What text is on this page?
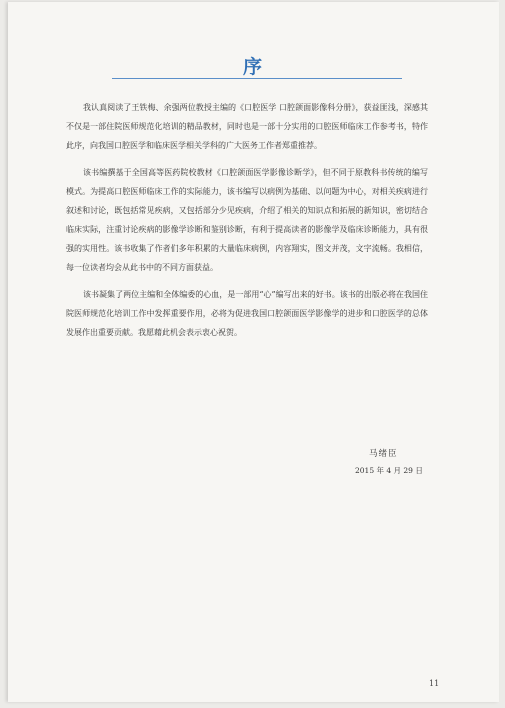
序

我认真阅读了王铁梅、余强两位教授主编的《口腔医学 口腔颌面影像科分册》，获益匪浅，深感其不仅是一部住院医师规范化培训的精品教材，同时也是一部十分实用的口腔医师临床工作参考书，特作此序，向我国口腔医学和临床医学相关学科的广大医务工作者郑重推荐。

该书编撰基于全国高等医药院校教材《口腔颌面医学影像诊断学》，但不同于原教科书传统的编写模式。为提高口腔医师临床工作的实际能力，该书编写以病例为基础、以问题为中心，对相关疾病进行叙述和讨论，既包括常见疾病，又包括部分少见疾病，介绍了相关的知识点和拓展的新知识，密切结合临床实际，注重讨论疾病的影像学诊断和鉴别诊断，有利于提高读者的影像学及临床诊断能力，具有很强的实用性。该书收集了作者们多年积累的大量临床病例，内容翔实，图文并茂，文字流畅。我相信，每一位读者均会从此书中的不同方面获益。

该书凝集了两位主编和全体编委的心血，是一部用“心”编写出来的好书。该书的出版必将在我国住院医师规范化培训工作中发挥重要作用，必将为促进我国口腔颌面医学影像学的进步和口腔医学的总体发展作出重要贡献。我愿藉此机会表示衷心祝贺。

马绪臣
2015 年 4 月 29 日
11
